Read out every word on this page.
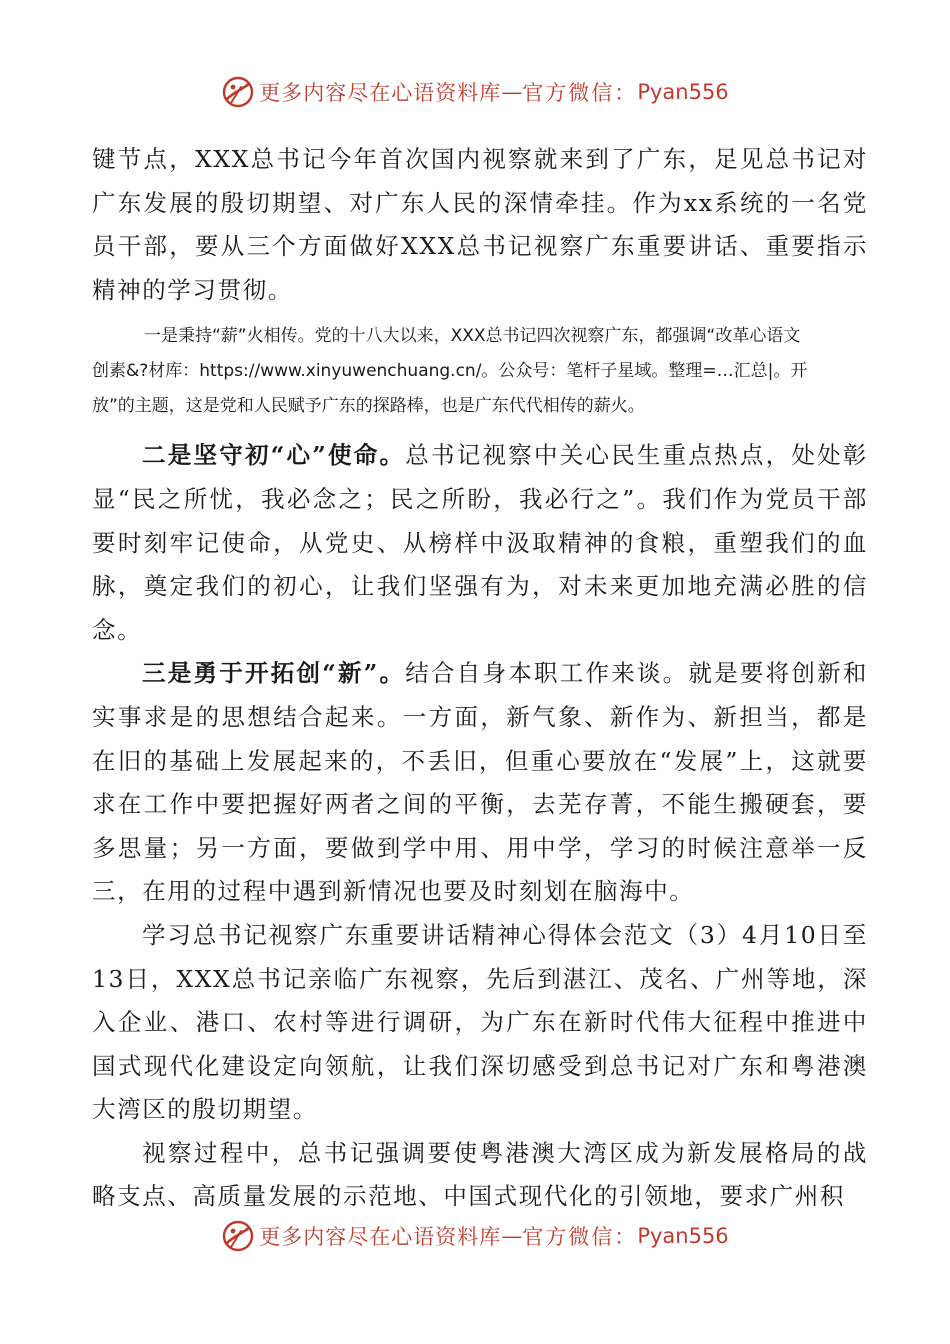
更多内容尽在心语资料库 — 官方微信： Pyan556

键节点，XXX总书记今年首次国内视察就来到了广东，足见总书记对广东发展的殷切期望、对广东人民的深情牵挂。作为xx系统的一名党员干部，要从三个方面做好XXX总书记视察广东重要讲话、重要指示精神的学习贯彻。

一是秉持“薪”火相传。党的十八大以来，XXX总书记四次视察广东，都强调“改革心语文
创素&?材库：https://www.xinyuwenchuang.cn/。公众号：笔杆子星域。整理=…汇总|。开
放”的主题，这是党和人民赋予广东的探路棒，也是广东代代相传的薪火。

二是坚守初“心”使命。总书记视察中关心民生重点热点，处处彰显“民之所忧，我必念之；民之所盼，我必行之”。我们作为党员干部要时刻牢记使命，从党史、从榜样中汲取精神的食粮，重塑我们的血脉，奠定我们的初心，让我们坚强有为，对未来更加地充满必胜的信念。

三是勇于开拓创“新”。结合自身本职工作来谈。就是要将创新和实事求是的思想结合起来。一方面，新气象、新作为、新担当，都是在旧的基础上发展起来的，不丢旧，但重心要放在“发展”上，这就要求在工作中要把握好两者之间的平衡，去芜存菁，不能生搬硬套，要多思量；另一方面，要做到学中用、用中学，学习的时候注意举一反三，在用的过程中遇到新情况也要及时刻划在脑海中。

学习总书记视察广东重要讲话精神心得体会范文（3）4月10日至13日，XXX总书记亲临广东视察，先后到湛江、茂名、广州等地，深入企业、港口、农村等进行调研，为广东在新时代伟大征程中推进中国式现代化建设定向领航，让我们深切感受到总书记对广东和粤港澳大湾区的殷切期望。

视察过程中，总书记强调要使粤港澳大湾区成为新发展格局的战略支点、高质量发展的示范地、中国式现代化的引领地，要求广州积

更多内容尽在心语资料库 — 官方微信： Pyan556
